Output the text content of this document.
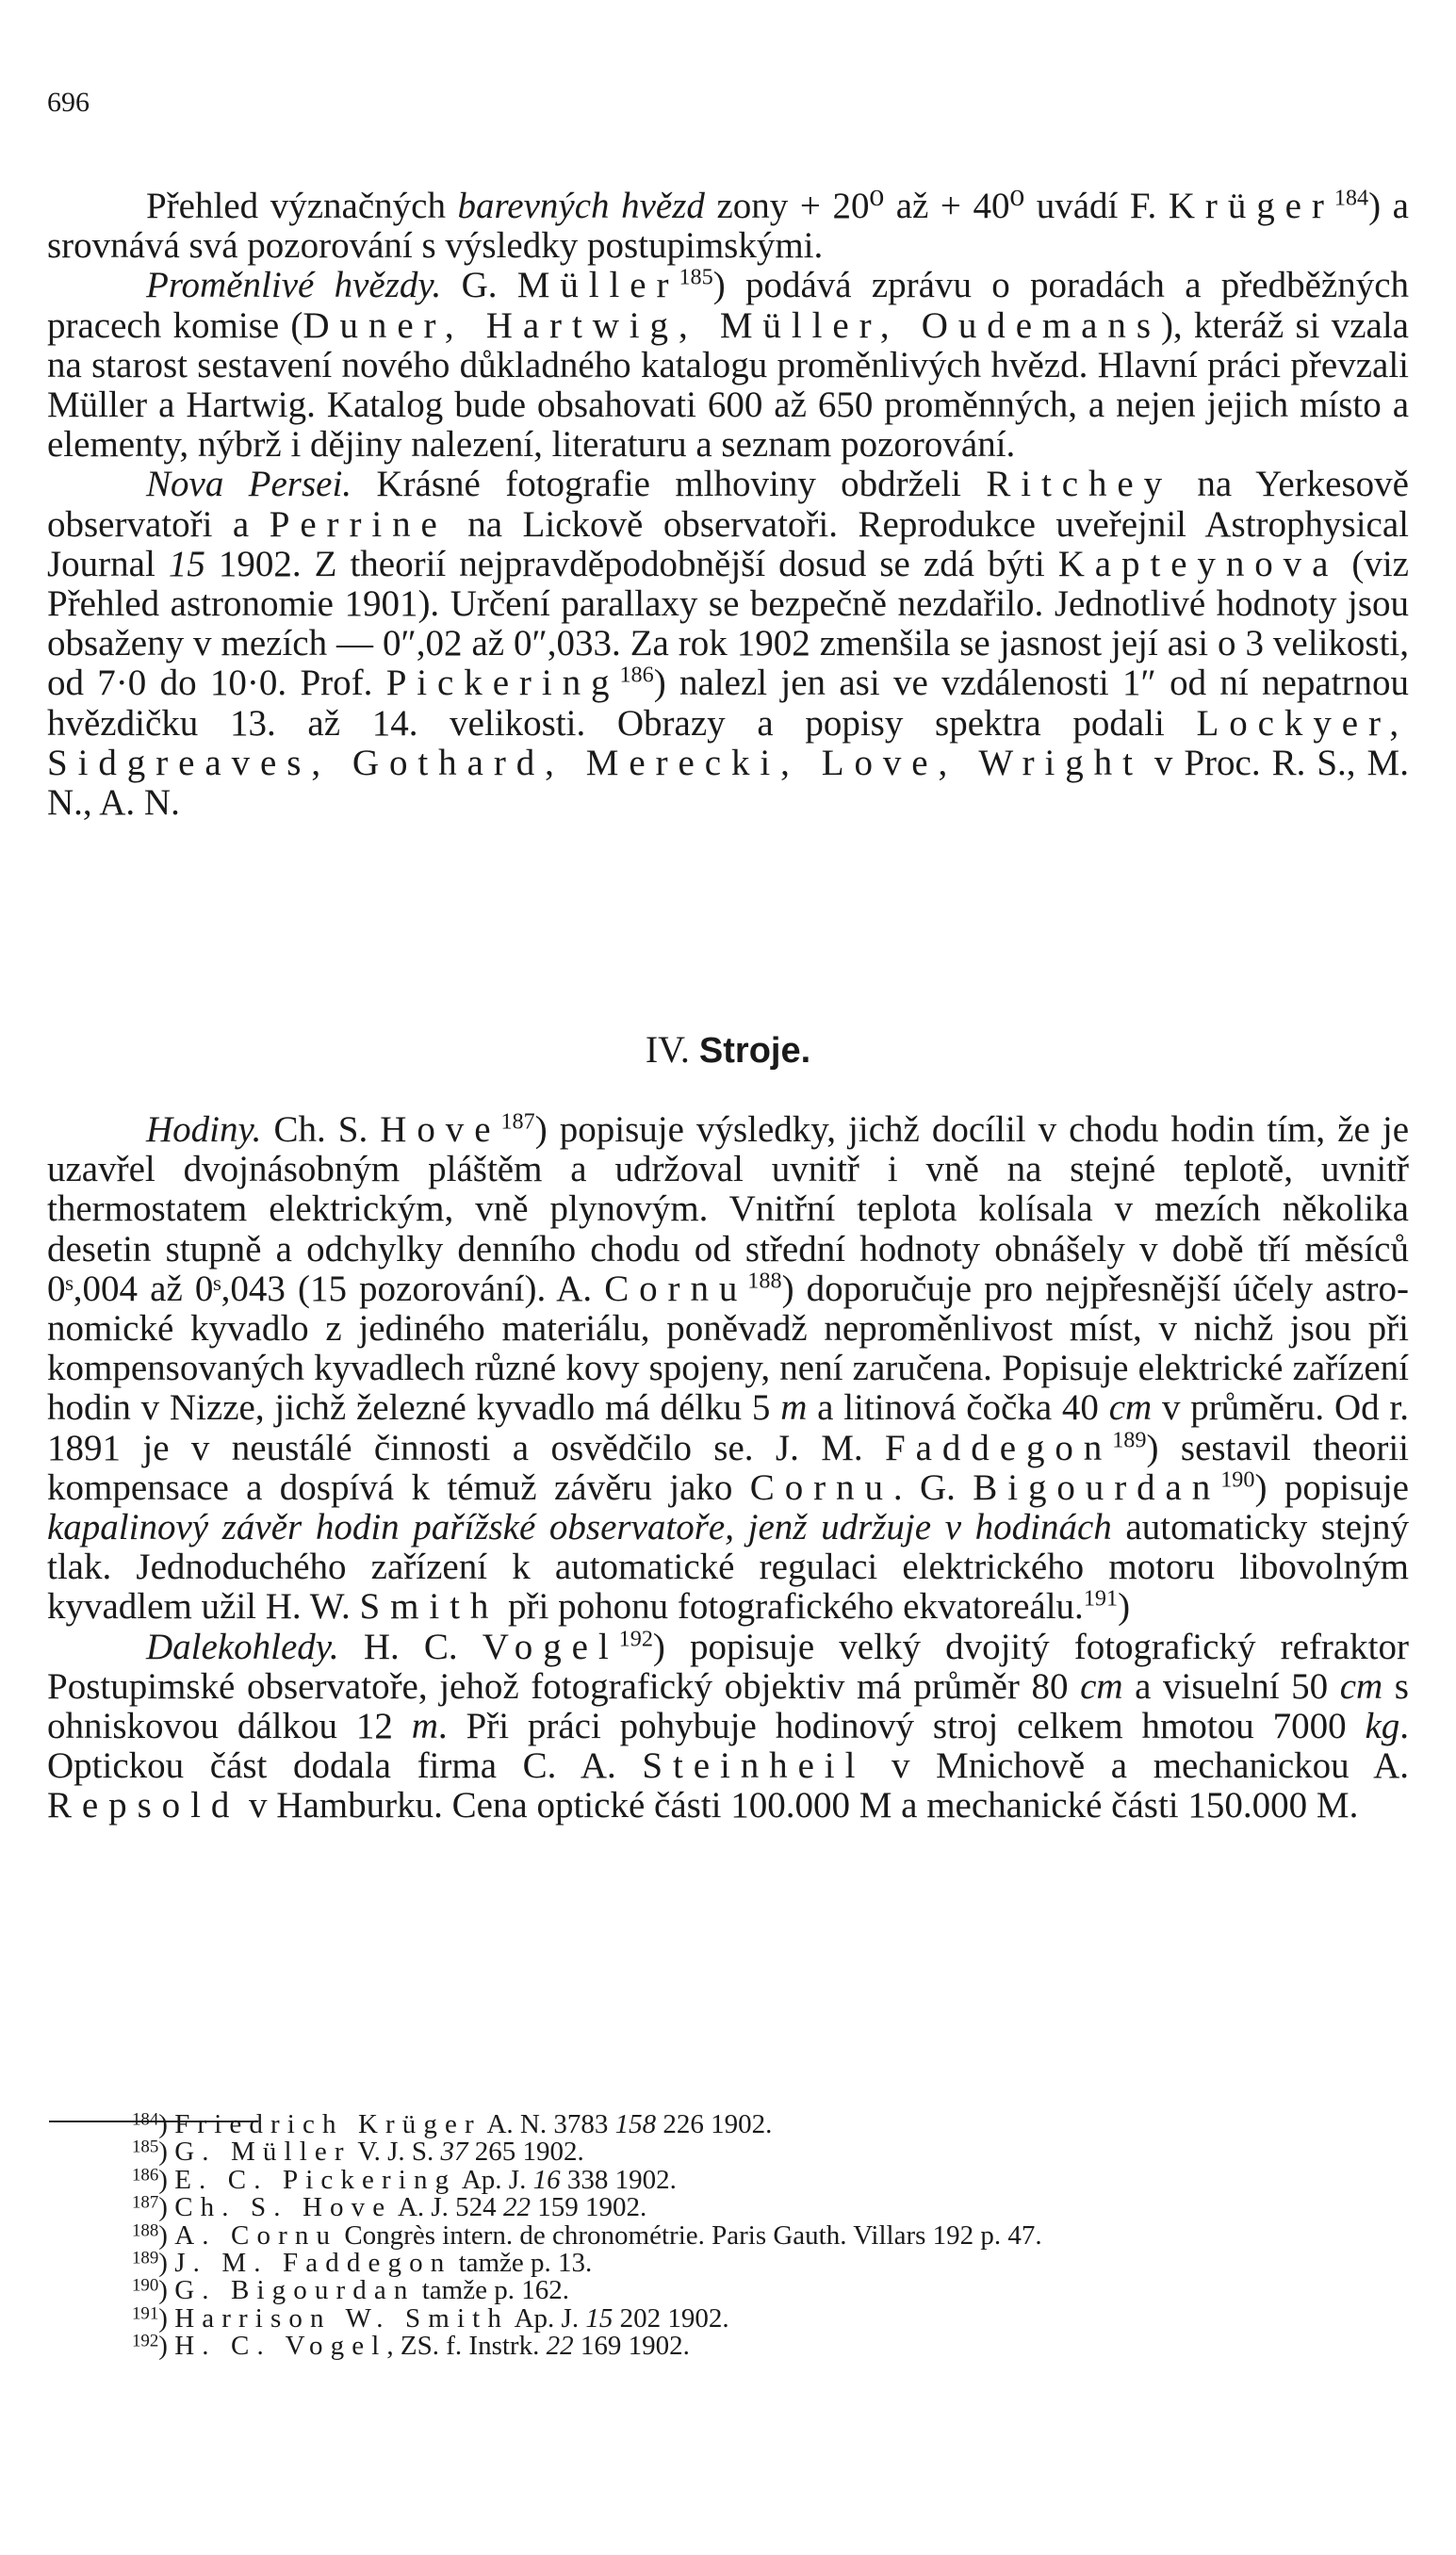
696

Přehled význačných barevných hvězd zony + 20⁰ až + 40⁰ uvádí F. Krüger$^{184}$) a srovnává svá pozorování s výsledky postupimskými.

Proměnlivé hvězdy. G. Müller$^{185}$) podává zprávu o poradách a předběžných pracech komise (Duner, Hartwig, Müller, Oudemans), kteráž si vzala na starost sestavení nového důkladného katalogu proměnlivých hvězd. Hlavní práci převzali Müller a Hartwig. Katalog bude obsahovati 600 až 650 proměnných, a nejen jejich místo a elementy, nýbrž i dějiny nalezení, literaturu a seznam pozorování.

Nova Persei. Krásné fotografie mlhoviny obdrželi Ritchey na Yerkesově observatoři a Perrine na Lickově observatoři. Reprodukce uveřejnil Astrophysical Journal 15 1902. Z theorií nejpravděpodobnější dosud se zdá býti Kapteynova (viz Přehled astronomie 1901). Určení parallaxy se bezpečně nezdařilo. Jednotlivé hodnoty jsou obsaženy v mezích — 0″,02 až 0″,033. Za rok 1902 zmenšila se jasnost její asi o 3 velikosti, od 7·0 do 10·0. Prof. Pickering$^{186}$) nalezl jen asi ve vzdálenosti 1″ od ní nepatrnou hvězdičku 13. až 14. velikosti. Obrazy a popisy spektra podali Lockyer, Sidgreaves, Gothard, Merecki, Love, Wright v Proc. R. S., M. N., A. N.

IV. Stroje.

Hodiny. Ch. S. Hove$^{187}$) popisuje výsledky, jichž docílil v chodu hodin tím, že je uzavřel dvojnásobným pláštěm a udržoval uvnitř i vně na stejné teplotě, uvnitř thermostatem elektrickým, vně plynovým. Vnitřní teplota kolísala v mezích několika desetin stupně a odchylky denního chodu od střední hodnoty obnášely v době tří měsíců 0ˢ,004 až 0ˢ,043 (15 pozorování). A. Cornu$^{188}$) doporučuje pro nejpřesnější účely astronomické kyvadlo z jediného materiálu, poněvadž neproměnlivost míst, v nichž jsou při kompensovaných kyvadlech různé kovy spojeny, není zaručena. Popisuje elektrické zařízení hodin v Nizze, jichž železné kyvadlo má délku 5 m a litinová čočka 40 cm v průměru. Od r. 1891 je v neustálé činnosti a osvědčilo se. J. M. Faddegon$^{189}$) sestavil theorii kompensace a dospívá k témuž závěru jako Cornu. G. Bigourdan$^{190}$) popisuje kapalinový závěr hodin pařížské observatoře, jenž udržuje v hodinách automaticky stejný tlak. Jednoduchého zařízení k automatické regulaci elektrického motoru libovolným kyvadlem užil H. W. Smith při pohonu fotografického ekvatoreálu.$^{191}$)

Dalekohledy. H. C. Vogel$^{192}$) popisuje velký dvojitý fotografický refraktor Postupimské observatoře, jehož fotografický objektiv má průměr 80 cm a visuelní 50 cm s ohniskovou dálkou 12 m. Při práci pohybuje hodinový stroj celkem hmotou 7000 kg. Optickou část dodala firma C. A. Steinheil v Mnichově a mechanickou A. Repsold v Hamburku. Cena optické části 100.000 M a mechanické části 150.000 M.

$^{184}$) Friedrich Krüger A. N. 3783 158 226 1902.
$^{185}$) G. Müller V. J. S. 37 265 1902.
$^{186}$) E. C. Pickering Ap. J. 16 338 1902.
$^{187}$) Ch. S. Hove A. J. 524 22 159 1902.
$^{188}$) A. Cornu Congrès intern. de chronométrie. Paris Gauth. Villars 192 p. 47.
$^{189}$) J. M. Faddegon tamže p. 13.
$^{190}$) G. Bigourdan tamže p. 162.
$^{191}$) Harrison W. Smith Ap. J. 15 202 1902.
$^{192}$) H. C. Vogel, ZS. f. Instrk. 22 169 1902.
